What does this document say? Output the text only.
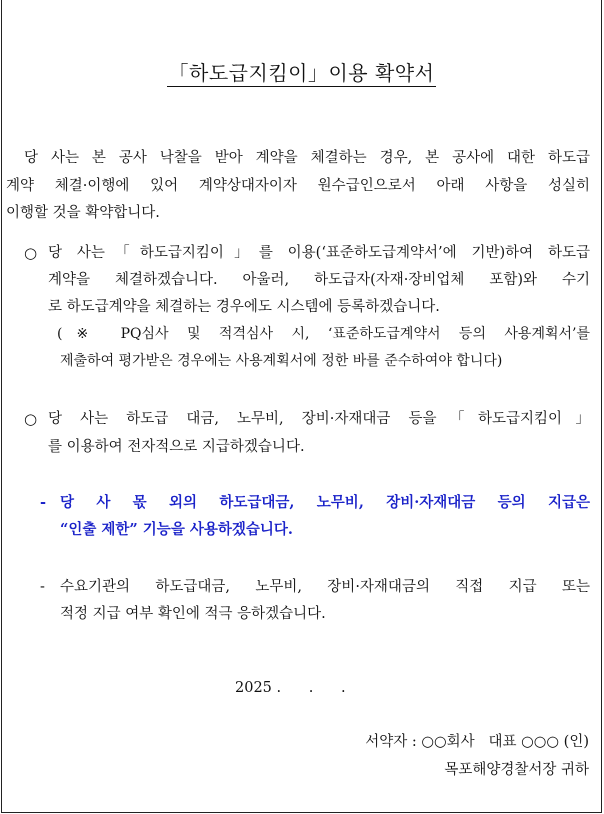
「하도급지킴이」이용 확약서
당 사는 본 공사 낙찰을 받아 계약을 체결하는 경우, 본 공사에 대한 하도급
계약 체결·이행에 있어 계약상대자이자 원수급인으로서 아래 사항을 성실히
이행할 것을 확약합니다.
○ 당 사는「하도급지킴이」를 이용(‘표준하도급계약서’에 기반)하여 하도급
계약을 체결하겠습니다. 아울러, 하도급자(자재·장비업체 포함)와 수기
로 하도급계약을 체결하는 경우에도 시스템에 등록하겠습니다.
(※ PQ심사 및 적격심사 시, ‘표준하도급계약서 등의 사용계획서’를
제출하여 평가받은 경우에는 사용계획서에 정한 바를 준수하여야 합니다)
○ 당 사는 하도급 대금, 노무비, 장비·자재대금 등을「하도급지킴이」
를 이용하여 전자적으로 지급하겠습니다.
- 당 사 몫 외의 하도급대금, 노무비, 장비·자재대금 등의 지급은
“인출 제한” 기능을 사용하겠습니다.
- 수요기관의 하도급대금, 노무비, 장비·자재대금의 직접 지급 또는
적정 지급 여부 확인에 적극 응하겠습니다.
2025 .      .      .
서약자 : ○○회사   대표 ○○○ (인)
목포해양경찰서장 귀하
